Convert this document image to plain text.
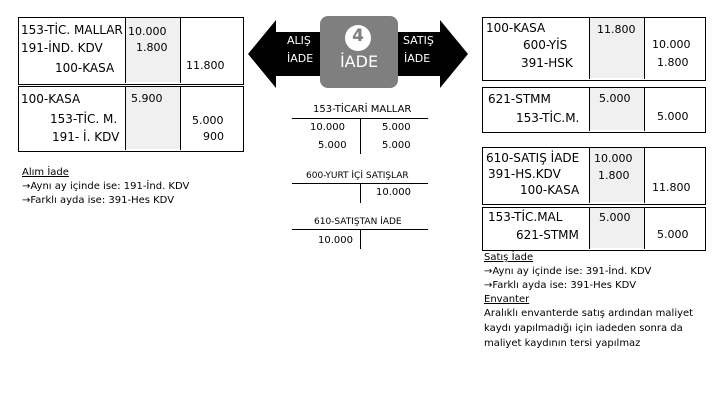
153-TİC. MALLAR
191-İND. KDV
100-KASA
10.000
1.800
11.800
100-KASA	5.900
153-TİC. M.
191- İ. KDV
5.000
900
Alım İade
→Aynı ay içinde ise: 191-İnd. KDV
→Farklı ayda ise: 391-Hes KDV
ALIŞ
İADE
SATIŞ
İADE
4
İADE
153-TİCARİ MALLAR
10.000
5.000
5.000
5.000
600-YURT İÇİ SATIŞLAR
10.000
610-SATIŞTAN İADE
10.000
100-KASA
600-YİS
391-HSK
11.800
10.000
1.800
621-STMM
153-TİC.M.
5.000
5.000
610-SATIŞ İADE
391-HS.KDV
100-KASA
10.000
1.800
11.800
153-TİC.MAL
621-STMM
5.000
5.000
Satış İade
→Aynı ay içinde ise: 391-İnd. KDV
→Farklı ayda ise: 391-Hes KDV
Envanter
Aralıklı envanterde satış ardından maliyet
kaydı yapılmadığı için iadeden sonra da
maliyet kaydının tersi yapılmaz
